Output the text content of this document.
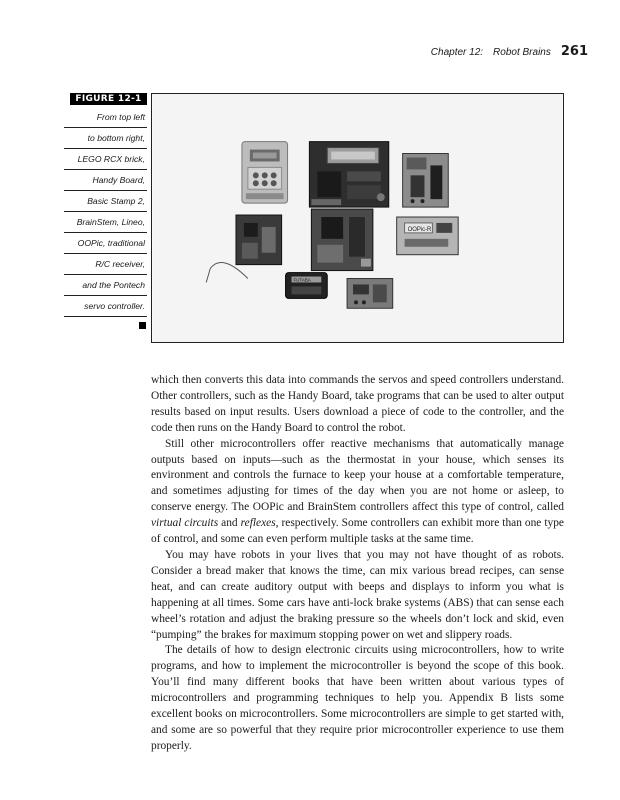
Chapter 12: Robot Brains 261
FIGURE 12-1
From top left
to bottom right,
LEGO RCX brick,
Handy Board,
Basic Stamp 2,
BrainStem, Lineo,
OOPic, traditional
R/C receiver,
and the Pontech
servo controller.
OOPic-R
FUTABA

which then converts this data into commands the servos and speed controllers understand. Other controllers, such as the Handy Board, take programs that can be used to alter output results based on input results. Users download a piece of code to the controller, and the code then runs on the Handy Board to control the robot.

Still other microcontrollers offer reactive mechanisms that automatically manage outputs based on inputs—such as the thermostat in your house, which senses its environment and controls the furnace to keep your house at a comfortable temperature, and sometimes adjusting for times of the day when you are not home or asleep, to conserve energy. The OOPic and BrainStem controllers affect this type of control, called virtual circuits and reflexes, respectively. Some controllers can exhibit more than one type of control, and some can even perform multiple tasks at the same time.

You may have robots in your lives that you may not have thought of as robots. Consider a bread maker that knows the time, can mix various bread recipes, can sense heat, and can create auditory output with beeps and displays to inform you what is happening at all times. Some cars have anti-lock brake systems (ABS) that can sense each wheel’s rotation and adjust the braking pressure so the wheels don’t lock and skid, even “pumping” the brakes for maximum stopping power on wet and slippery roads.

The details of how to design electronic circuits using microcontrollers, how to write programs, and how to implement the microcontroller is beyond the scope of this book. You’ll find many different books that have been written about various types of microcontrollers and programming techniques to help you. Appendix B lists some excellent books on microcontrollers. Some microcontrollers are simple to get started with, and some are so powerful that they require prior microcontroller experience to use them properly.
